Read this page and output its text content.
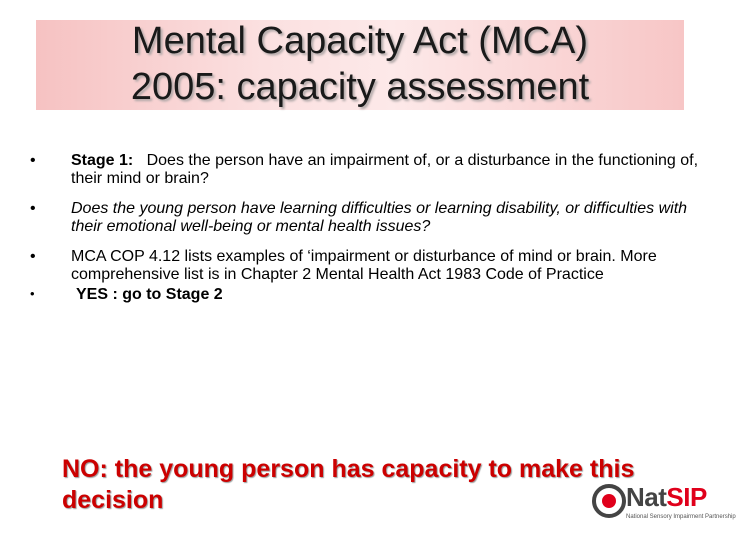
Mental Capacity Act (MCA)
2005: capacity assessment
•	Stage 1: Does the person have an impairment of, or a disturbance in the functioning of, their mind or brain?
•	Does the young person have learning difficulties or learning disability, or difficulties with their emotional well-being or mental health issues?
•	MCA COP 4.12 lists examples of ‘impairment or disturbance of mind or brain. More comprehensive list is in Chapter 2 Mental Health Act 1983 Code of Practice
•	YES : go to Stage 2
NO: the young person has capacity to make this decision	NatSIP
National Sensory Impairment Partnership
